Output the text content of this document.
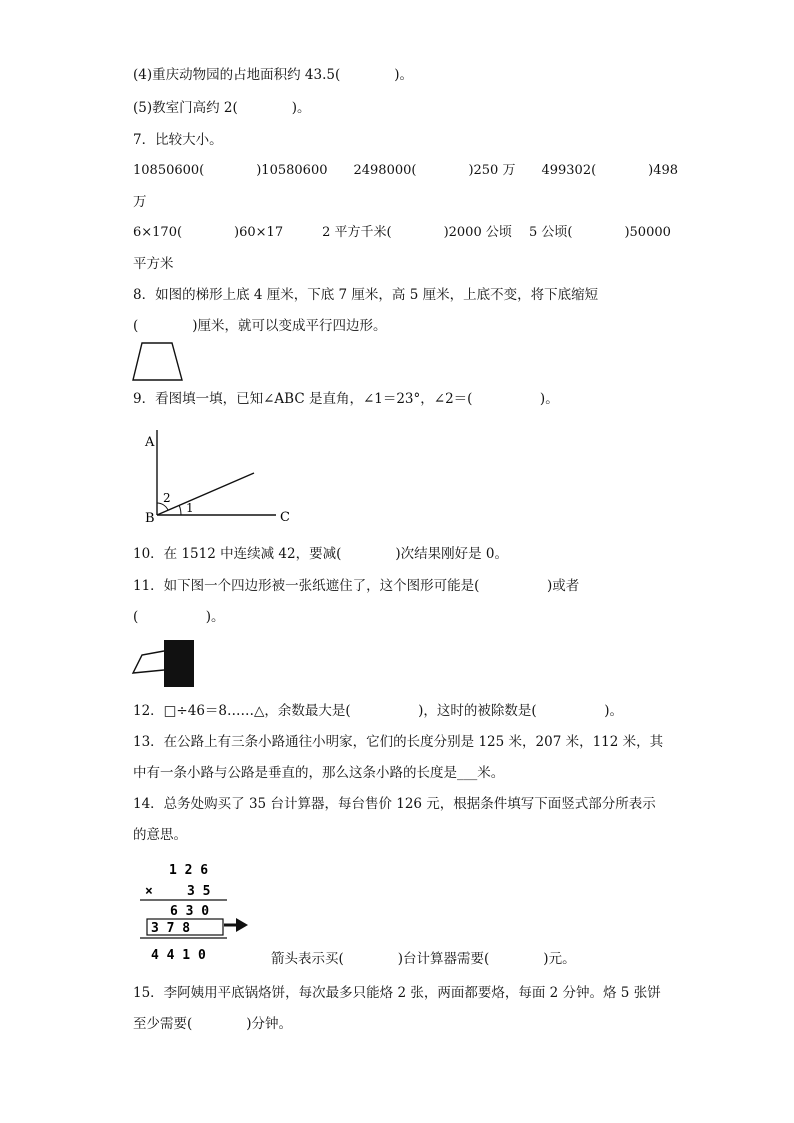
(4)重庆动物园的占地面积约 43.5(　　　　)。
(5)教室门高约 2(　　　　)。
7．比较大小。
10850600(　　　　)10580600　　2498000(　　　　)250 万　　499302(　　　　)498
万
6×170(　　　　)60×17　　　2 平方千米(　　　　)2000 公顷　 5 公顷(　　　　)50000
平方米
8．如图的梯形上底 4 厘米，下底 7 厘米，高 5 厘米，上底不变，将下底缩短
(　　　　)厘米，就可以变成平行四边形。
9．看图填一填，已知∠ABC 是直角，∠1＝23°，∠2＝(　　　　　)。
A
B	C
1
2
10．在 1512 中连续减 42，要减(　　　　)次结果刚好是 0。
11．如下图一个四边形被一张纸遮住了，这个图形可能是(　　　　　)或者
(　　　　　)。
12．□÷46＝8……△，余数最大是(　　　　　)，这时的被除数是(　　　　　)。
13．在公路上有三条小路通往小明家，它们的长度分别是 125 米，207 米，112 米，其
中有一条小路与公路是垂直的，那么这条小路的长度是___米。
14．总务处购买了 35 台计算器，每台售价 126 元，根据条件填写下面竖式部分所表示
的意思。
1 2 6
×	3 5
6 3 0
3 7 8
4 4 1 0	箭头表示买(　　　　)台计算器需要(　　　　)元。
15．李阿姨用平底锅烙饼，每次最多只能烙 2 张，两面都要烙，每面 2 分钟。烙 5 张饼
至少需要(　　　　)分钟。
